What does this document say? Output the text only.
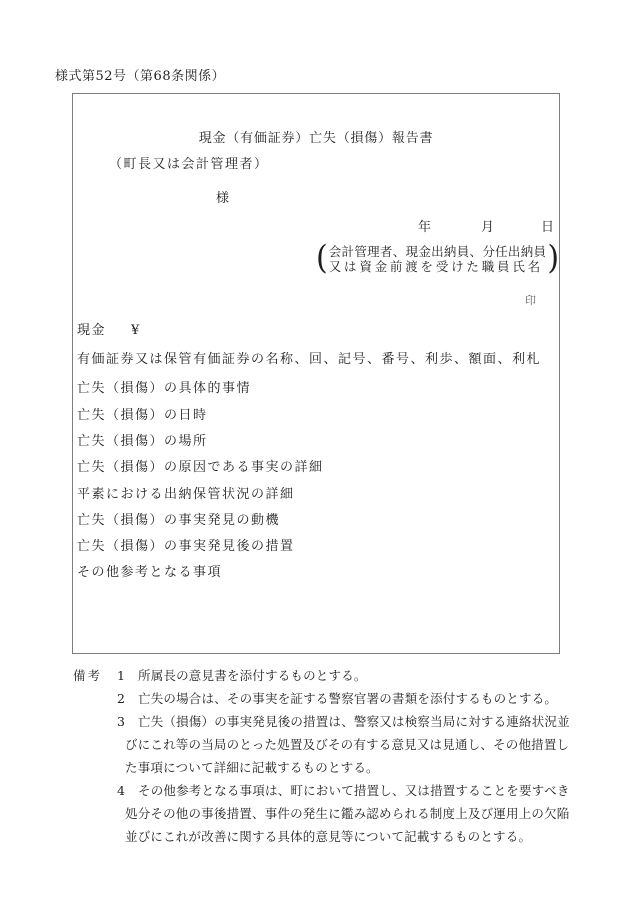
様式第52号（第68条関係）
現金（有価証券）亡失（損傷）報告書
（町長又は会計管理者）
様
年	月	日
( 会計管理者、現金出納員、分任出納員
又は資金前渡を受けた職員氏名 )
印
現金 ¥
有価証券又は保管有価証券の名称、回、記号、番号、利歩、額面、利札
亡失（損傷）の具体的事情
亡失（損傷）の日時
亡失（損傷）の場所
亡失（損傷）の原因である事実の詳細
平素における出納保管状況の詳細
亡失（損傷）の事実発見の動機
亡失（損傷）の事実発見後の措置
その他参考となる事項
備考 1 所属長の意見書を添付するものとする。
2 亡失の場合は、その事実を証する警察官署の書類を添付するものとする。
3 亡失（損傷）の事実発見後の措置は、警察又は検察当局に対する連絡状況並
びにこれ等の当局のとった処置及びその有する意見又は見通し、その他措置し
た事項について詳細に記載するものとする。
4 その他参考となる事項は、町において措置し、又は措置することを要すべき
処分その他の事後措置、事件の発生に鑑み認められる制度上及び運用上の欠陥
並びにこれが改善に関する具体的意見等について記載するものとする。
